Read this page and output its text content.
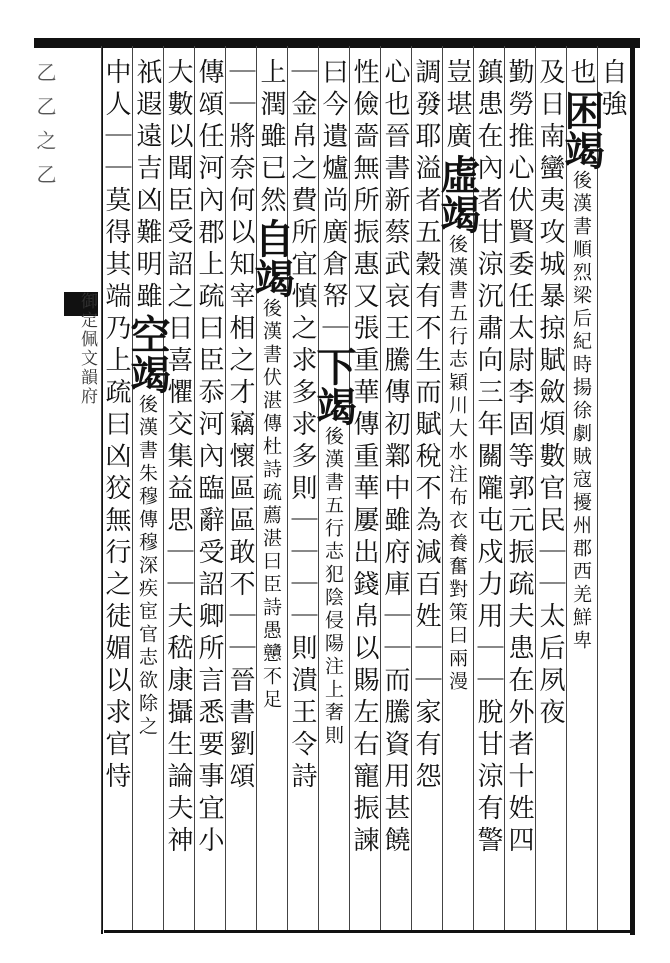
乙乙之乙
御定佩文韻府
自強
也困竭後漢書順烈梁后紀時揚徐劇賊寇擾州郡西羌鮮卑
及日南蠻夷攻城暴掠賦斂煩數官民｜｜太后夙夜
勤勞推心伏賢委任太尉李固等郭元振疏夫患在外者十姓四
鎮患在內者甘涼沉肅向三年關隴屯戍力用｜｜脫甘涼有警
豈堪廣虛竭後漢書五行志穎川大水注布衣養奮對策曰兩漫
調發耶溢者五穀有不生而賦稅不為減百姓｜｜家有怨
心也晉書新蔡武哀王騰傳初鄴中雖府庫｜｜而騰資用甚饒
性儉嗇無所振惠又張重華傳重華屢出錢帛以賜左右寵振諫
曰今遺爐尚廣倉帑｜下竭後漢書五行志犯陰侵陽注上奢則
｜金帛之費所宜慎之求多求多則｜｜｜｜則潰王令詩
上潤雖已然自竭後漢書伏湛傳杜詩疏薦湛曰臣詩愚戇不足
｜｜將奈何以知宰相之才竊懷區區敢不｜｜晉書劉頌
傳頌任河內郡上疏曰臣忝河內臨辭受詔卿所言悉要事宜小
大數以聞臣受詔之日喜懼交集益思｜｜夫嵇康攝生論夫神
祇遐遠吉凶難明雖空竭後漢書朱穆傳穆深疾宦官志欲除之
中人｜｜莫得其端乃上疏曰凶狡無行之徒媚以求官恃
